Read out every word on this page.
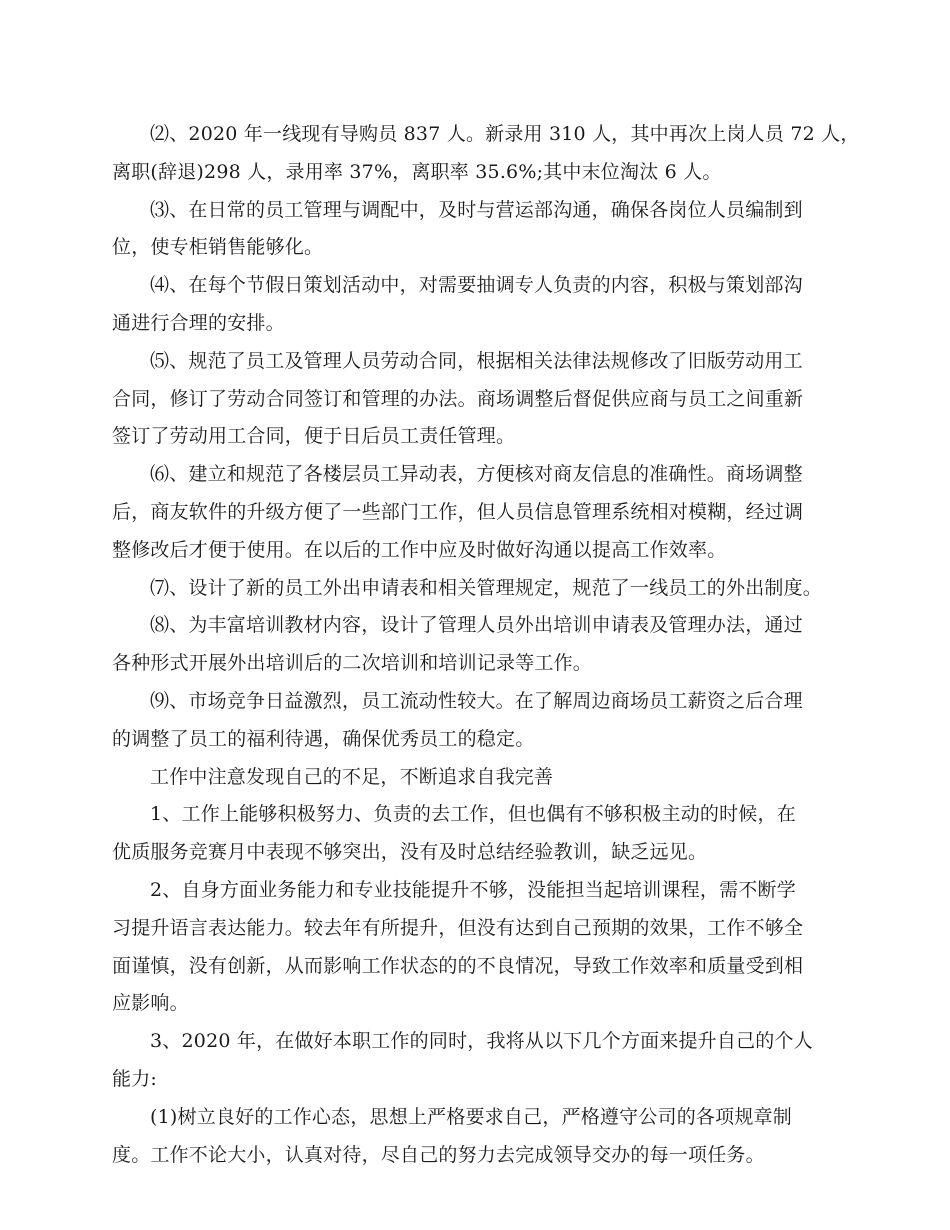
⑵、2020 年一线现有导购员 837 人。新录用 310 人，其中再次上岗人员 72 人，
离职(辞退)298 人，录用率 37%，离职率 35.6%;其中末位淘汰 6 人。

⑶、在日常的员工管理与调配中，及时与营运部沟通，确保各岗位人员编制到
位，使专柜销售能够化。

⑷、在每个节假日策划活动中，对需要抽调专人负责的内容，积极与策划部沟
通进行合理的安排。

⑸、规范了员工及管理人员劳动合同，根据相关法律法规修改了旧版劳动用工
合同，修订了劳动合同签订和管理的办法。商场调整后督促供应商与员工之间重新
签订了劳动用工合同，便于日后员工责任管理。

⑹、建立和规范了各楼层员工异动表，方便核对商友信息的准确性。商场调整
后，商友软件的升级方便了一些部门工作，但人员信息管理系统相对模糊，经过调
整修改后才便于使用。在以后的工作中应及时做好沟通以提高工作效率。

⑺、设计了新的员工外出申请表和相关管理规定，规范了一线员工的外出制度。

⑻、为丰富培训教材内容，设计了管理人员外出培训申请表及管理办法，通过
各种形式开展外出培训后的二次培训和培训记录等工作。

⑼、市场竞争日益激烈，员工流动性较大。在了解周边商场员工薪资之后合理
的调整了员工的福利待遇，确保优秀员工的稳定。

工作中注意发现自己的不足，不断追求自我完善

1、工作上能够积极努力、负责的去工作，但也偶有不够积极主动的时候，在
优质服务竞赛月中表现不够突出，没有及时总结经验教训，缺乏远见。

2、自身方面业务能力和专业技能提升不够，没能担当起培训课程，需不断学
习提升语言表达能力。较去年有所提升，但没有达到自己预期的效果，工作不够全
面谨慎，没有创新，从而影响工作状态的的不良情况，导致工作效率和质量受到相
应影响。

3、2020 年，在做好本职工作的同时，我将从以下几个方面来提升自己的个人
能力:

(1)树立良好的工作心态，思想上严格要求自己，严格遵守公司的各项规章制
度。工作不论大小，认真对待，尽自己的努力去完成领导交办的每一项任务。
